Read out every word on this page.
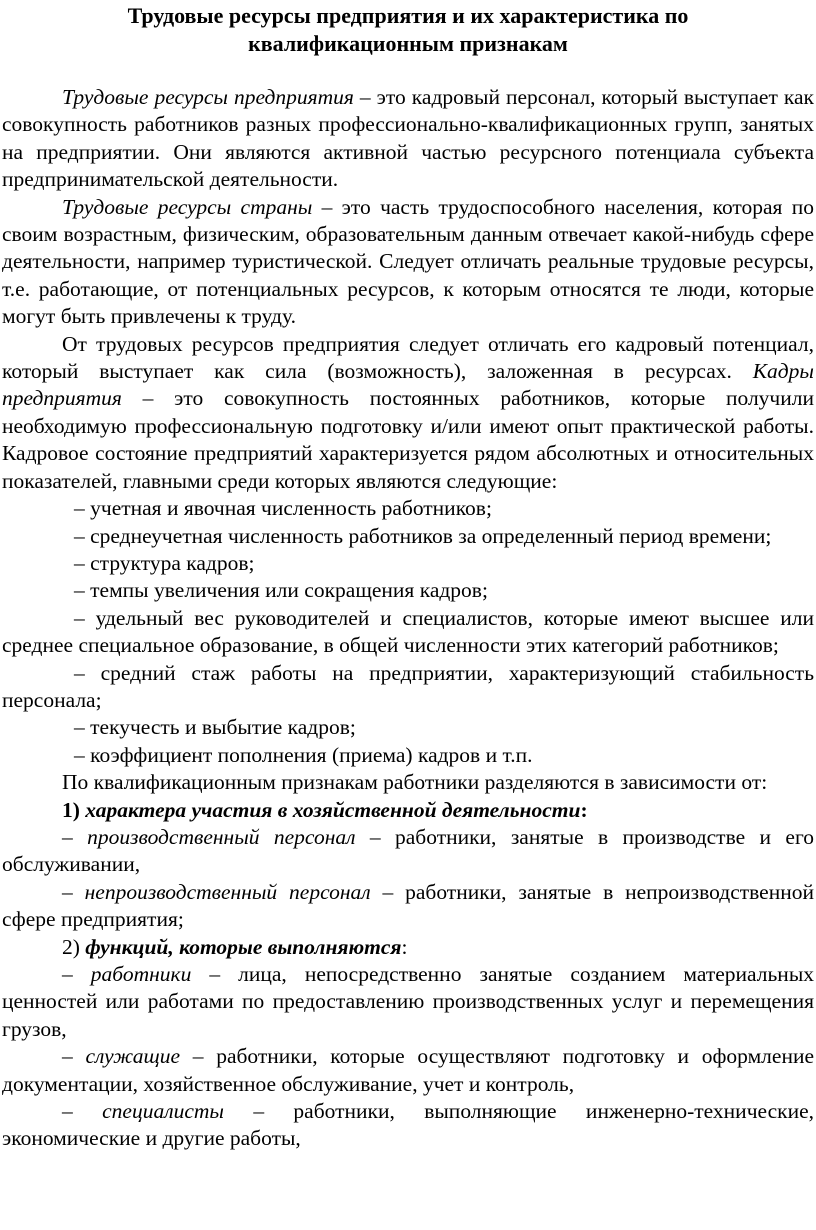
Трудовые ресурсы предприятия и их характеристика по
квалификационным признакам

Трудовые ресурсы предприятия – это кадровый персонал, который выступает как совокупность работников разных профессионально-квалификационных групп, занятых на предприятии. Они являются активной частью ресурсного потенциала субъекта предпринимательской деятельности.

Трудовые ресурсы страны – это часть трудоспособного населения, которая по своим возрастным, физическим, образовательным данным отвечает какой-нибудь сфере деятельности, например туристической. Следует отличать реальные трудовые ресурсы, т.е. работающие, от потенциальных ресурсов, к которым относятся те люди, которые могут быть привлечены к труду.

От трудовых ресурсов предприятия следует отличать его кадровый потенциал, который выступает как сила (возможность), заложенная в ресурсах. Кадры предприятия – это совокупность постоянных работников, которые получили необходимую профессиональную подготовку и/или имеют опыт практической работы. Кадровое состояние предприятий характеризуется рядом абсолютных и относительных показателей, главными среди которых являются следующие:

– учетная и явочная численность работников;

– среднеучетная численность работников за определенный период времени;

– структура кадров;

– темпы увеличения или сокращения кадров;

– удельный вес руководителей и специалистов, которые имеют высшее или среднее специальное образование, в общей численности этих категорий работников;

– средний стаж работы на предприятии, характеризующий стабильность персонала;

– текучесть и выбытие кадров;

– коэффициент пополнения (приема) кадров и т.п.

По квалификационным признакам работники разделяются в зависимости от:

1) характера участия в хозяйственной деятельности:

– производственный персонал – работники, занятые в производстве и его обслуживании,

– непроизводственный персонал – работники, занятые в непроизводственной сфере предприятия;

2) функций, которые выполняются:

– работники – лица, непосредственно занятые созданием материальных ценностей или работами по предоставлению производственных услуг и перемещения грузов,

– служащие – работники, которые осуществляют подготовку и оформление документации, хозяйственное обслуживание, учет и контроль,

– специалисты – работники, выполняющие инженерно-технические, экономические и другие работы,
